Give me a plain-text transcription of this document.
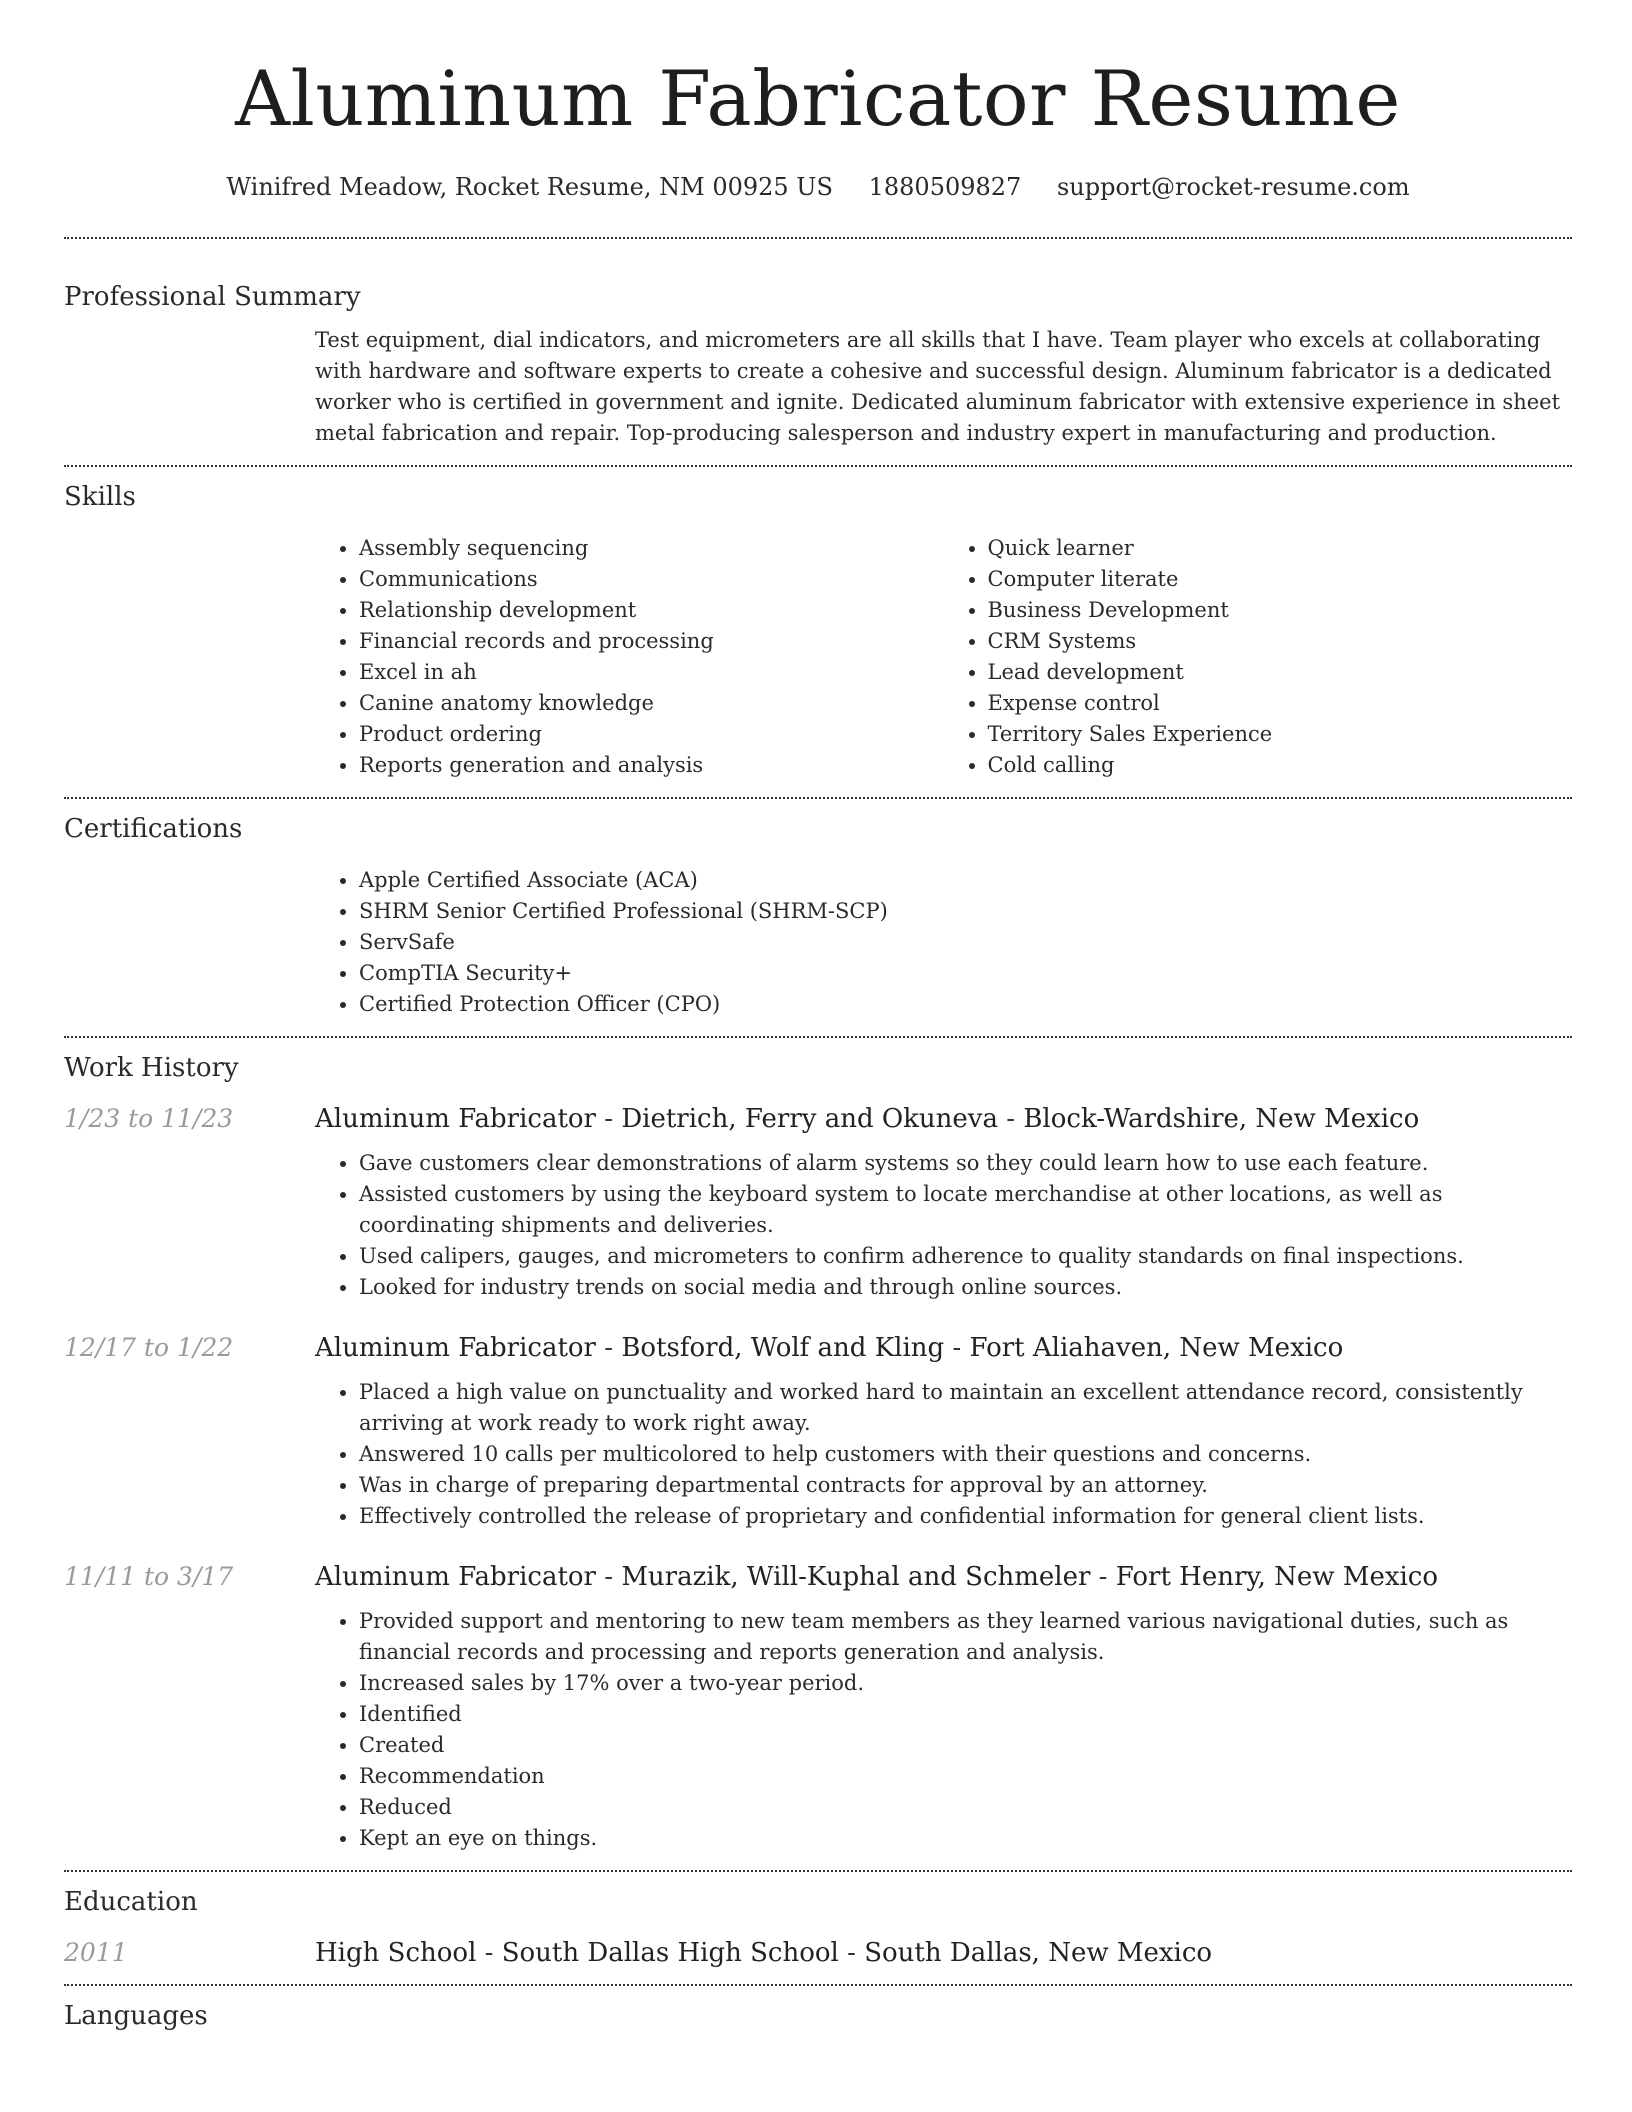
Aluminum Fabricator Resume
Winifred Meadow, Rocket Resume, NM 00925 US 1880509827 support@rocket-resume.com
Professional Summary

Test equipment, dial indicators, and micrometers are all skills that I have. Team player who excels at collaborating with hardware and software experts to create a cohesive and successful design. Aluminum fabricator is a dedicated worker who is certified in government and ignite. Dedicated aluminum fabricator with extensive experience in sheet metal fabrication and repair. Top-producing salesperson and industry expert in manufacturing and production.

Skills
• Assembly sequencing
• Communications
• Relationship development
• Financial records and processing
• Excel in ah
• Canine anatomy knowledge
• Product ordering
• Reports generation and analysis
• Quick learner
• Computer literate
• Business Development
• CRM Systems
• Lead development
• Expense control
• Territory Sales Experience
• Cold calling
Certifications
• Apple Certified Associate (ACA)
• SHRM Senior Certified Professional (SHRM-SCP)
• ServSafe
• CompTIA Security+
• Certified Protection Officer (CPO)
Work History
1/23 to 11/23	Aluminum Fabricator - Dietrich, Ferry and Okuneva - Block-Wardshire, New Mexico
• Gave customers clear demonstrations of alarm systems so they could learn how to use each feature.
• Assisted customers by using the keyboard system to locate merchandise at other locations, as well as coordinating shipments and deliveries.
• Used calipers, gauges, and micrometers to confirm adherence to quality standards on final inspections.
• Looked for industry trends on social media and through online sources.
12/17 to 1/22	Aluminum Fabricator - Botsford, Wolf and Kling - Fort Aliahaven, New Mexico
• Placed a high value on punctuality and worked hard to maintain an excellent attendance record, consistently arriving at work ready to work right away.
• Answered 10 calls per multicolored to help customers with their questions and concerns.
• Was in charge of preparing departmental contracts for approval by an attorney.
• Effectively controlled the release of proprietary and confidential information for general client lists.
11/11 to 3/17	Aluminum Fabricator - Murazik, Will-Kuphal and Schmeler - Fort Henry, New Mexico
• Provided support and mentoring to new team members as they learned various navigational duties, such as financial records and processing and reports generation and analysis.
• Increased sales by 17% over a two-year period.
• Identified
• Created
• Recommendation
• Reduced
• Kept an eye on things.
Education
2011	High School - South Dallas High School - South Dallas, New Mexico
Languages
